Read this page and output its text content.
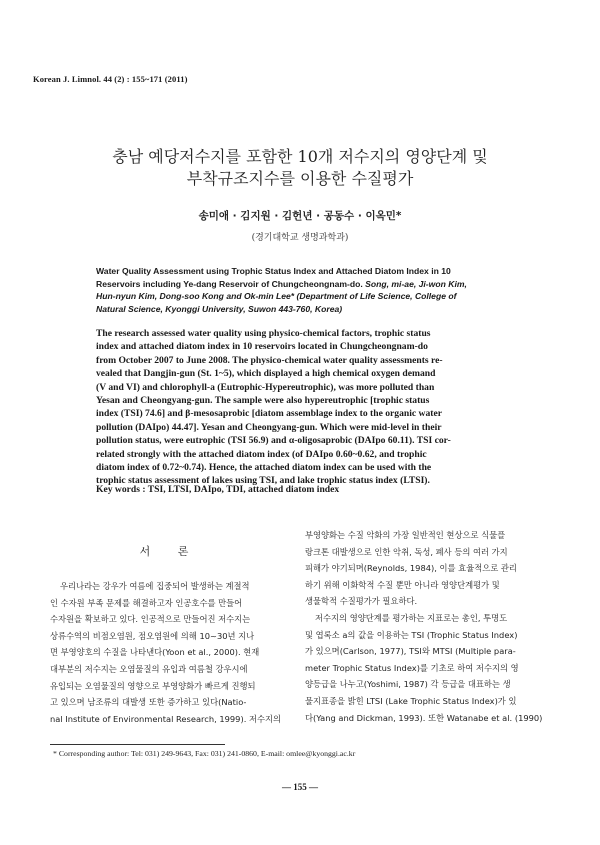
Korean J. Limnol. 44 (2) : 155~171 (2011)
충남 예당저수지를 포함한 10개 저수지의 영양단계 및
부착규조지수를 이용한 수질평가
송미애 · 김지원 · 김헌년 · 공동수 · 이옥민*
(경기대학교 생명과학과)
Water Quality Assessment using Trophic Status Index and Attached Diatom Index in 10
Reservoirs including Ye-dang Reservoir of Chungcheongnam-do. Song, mi-ae, Ji-won Kim,
Hun-nyun Kim, Dong-soo Kong and Ok-min Lee* (Department of Life Science, College of
Natural Science, Kyonggi University, Suwon 443-760, Korea)
The research assessed water quality using physico-chemical factors, trophic status
index and attached diatom index in 10 reservoirs located in Chungcheongnam-do
from October 2007 to June 2008. The physico-chemical water quality assessments re-
vealed that Dangjin-gun (St. 1~5), which displayed a high chemical oxygen demand
(V and VI) and chlorophyll-a (Eutrophic-Hypereutrophic), was more polluted than
Yesan and Cheongyang-gun. The sample were also hypereutrophic [trophic status
index (TSI) 74.6] and β-mesosaprobic [diatom assemblage index to the organic water
pollution (DAIpo) 44.47]. Yesan and Cheongyang-gun. Which were mid-level in their
pollution status, were eutrophic (TSI 56.9) and α-oligosaprobic (DAIpo 60.11). TSI cor-
related strongly with the attached diatom index (of DAIpo 0.60~0.62, and trophic
diatom index of 0.72~0.74). Hence, the attached diatom index can be used with the
trophic status assessment of lakes using TSI, and lake trophic status index (LTSI).
Key words : TSI, LTSI, DAIpo, TDI, attached diatom index
서 론

우리나라는 강우가 여름에 집중되어 발생하는 계절적

인 수자원 부족 문제를 해결하고자 인공호수를 만들어

수자원을 확보하고 있다. 인공적으로 만들어진 저수지는

상류수역의 비점오염원, 점오염원에 의해 10~30년 지나

면 부영양호의 수질을 나타낸다(Yoon et al., 2000). 현재

대부분의 저수지는 오염물질의 유입과 여름철 강우시에

유입되는 오염물질의 영향으로 부영양화가 빠르게 진행되

고 있으며 남조류의 대발생 또한 증가하고 있다(Natio-

nal Institute of Environmental Research, 1999). 저수지의

부영양화는 수질 악화의 가장 일반적인 현상으로 식물플

랑크톤 대발생으로 인한 악취, 독성, 폐사 등의 여러 가지

피해가 야기되며(Reynolds, 1984), 이를 효율적으로 관리

하기 위해 이화학적 수질 뿐만 아니라 영양단계평가 및

생물학적 수질평가가 필요하다.

저수지의 영양단계를 평가하는 지표로는 총인, 투명도

및 엽록소 a의 값을 이용하는 TSI (Trophic Status Index)

가 있으며(Carlson, 1977), TSI와 MTSI (Multiple para-

meter Trophic Status Index)를 기초로 하여 저수지의 영

양등급을 나누고(Yoshimi, 1987) 각 등급을 대표하는 생

물지표종을 밝힌 LTSI (Lake Trophic Status Index)가 있

다(Yang and Dickman, 1993). 또한 Watanabe et al. (1990)

* Corresponding author: Tel: 031) 249-9643, Fax: 031) 241-0860, E-mail: omlee@kyonggi.ac.kr
— 155 —
